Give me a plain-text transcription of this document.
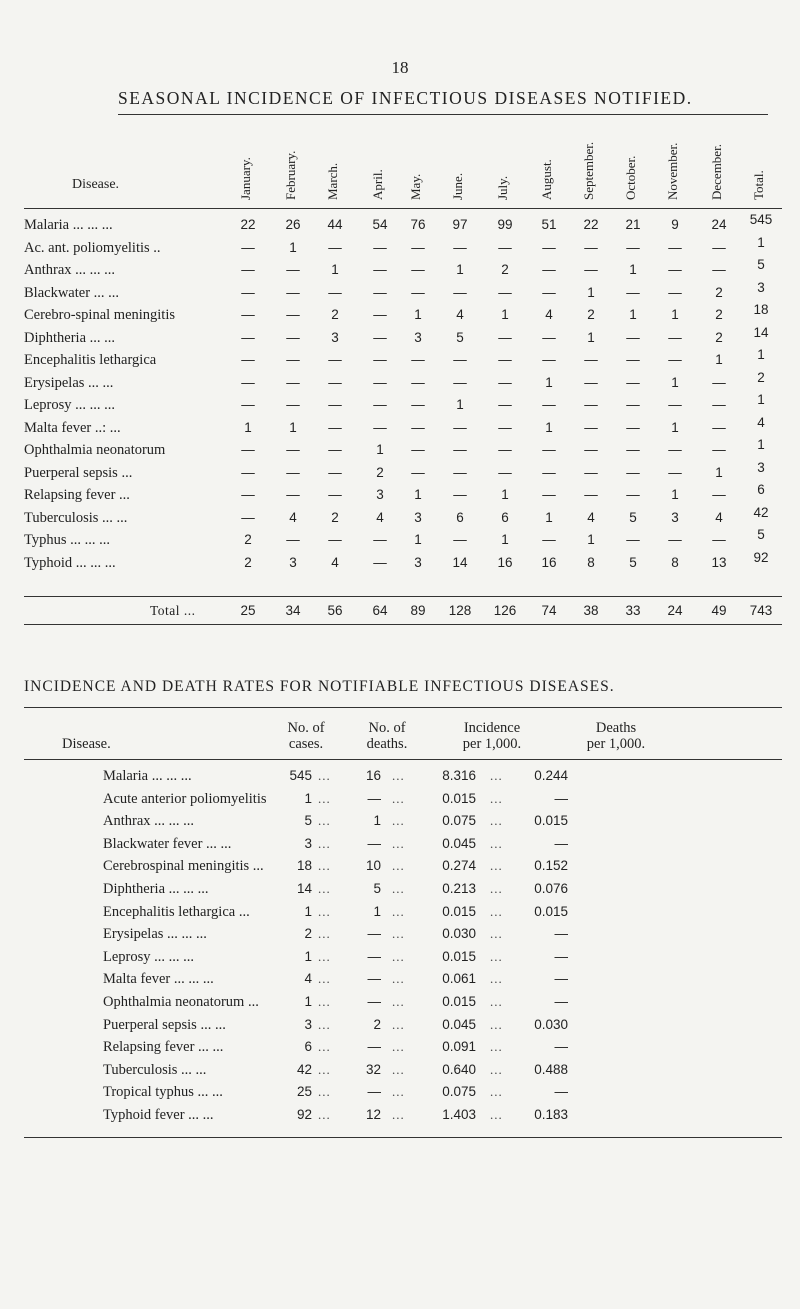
18
SEASONAL INCIDENCE OF INFECTIOUS DISEASES NOTIFIED.
Disease.	January.	February.	March.	April.	May.	June.	July.	August.	September.	October.	November.	December.	Total.
Malaria ... ... ...	22	26	44	54	76	97	99	51	22	21	9	24	545
Ac. ant. poliomyelitis ..	—	1	—	—	—	—	—	—	—	—	—	—	1
Anthrax ... ... ...	—	—	1	—	—	1	2	—	—	1	—	—	5
Blackwater ... ...	—	—	—	—	—	—	—	—	1	—	—	2	3
Cerebro-spinal meningitis	—	—	2	—	1	4	1	4	2	1	1	2	18
Diphtheria ... ...	—	—	3	—	3	5	—	—	1	—	—	2	14
Encephalitis lethargica	—	—	—	—	—	—	—	—	—	—	—	1	1
Erysipelas ... ...	—	—	—	—	—	—	—	1	—	—	1	—	2
Leprosy ... ... ...	—	—	—	—	—	1	—	—	—	—	—	—	1
Malta fever ..: ...	1	1	—	—	—	—	—	1	—	—	1	—	4
Ophthalmia neonatorum	—	—	—	1	—	—	—	—	—	—	—	—	1
Puerperal sepsis ...	—	—	—	2	—	—	—	—	—	—	—	1	3
Relapsing fever ...	—	—	—	3	1	—	1	—	—	—	1	—	6
Tuberculosis ... ...	—	4	2	4	3	6	6	1	4	5	3	4	42
Typhus ... ... ...	2	—	—	—	1	—	1	—	1	—	—	—	5
Typhoid ... ... ...	2	3	4	—	3	14	16	16	8	5	8	13	92
Total ...	25	34	56	64	89	128	126	74	38	33	24	49	743
INCIDENCE AND DEATH RATES FOR NOTIFIABLE INFECTIOUS DISEASES.
Disease.
No. of
cases.
No. of
deaths.
Incidence
per 1,000.
Deaths
per 1,000.
Malaria ... ... ...	545 ...	16 ...	8.316 ...	0.244
Acute anterior poliomyelitis	1 ...	— ...	0.015 ...	—
Anthrax ... ... ...	5 ...	1 ...	0.075 ...	0.015
Blackwater fever ... ...	3 ...	— ...	0.045 ...	—
Cerebrospinal meningitis ...	18 ...	10 ...	0.274 ...	0.152
Diphtheria ... ... ...	14 ...	5 ...	0.213 ...	0.076
Encephalitis lethargica ...	1 ...	1 ...	0.015 ...	0.015
Erysipelas ... ... ...	2 ...	— ...	0.030 ...	—
Leprosy ... ... ...	1 ...	— ...	0.015 ...	—
Malta fever ... ... ...	4 ...	— ...	0.061 ...	—
Ophthalmia neonatorum ...	1 ...	— ...	0.015 ...	—
Puerperal sepsis ... ...	3 ...	2 ...	0.045 ...	0.030
Relapsing fever ... ...	6 ...	— ...	0.091 ...	—
Tuberculosis ... ...	42 ...	32 ...	0.640 ...	0.488
Tropical typhus ... ...	25 ...	— ...	0.075 ...	—
Typhoid fever ... ...	92 ...	12 ...	1.403 ...	0.183
